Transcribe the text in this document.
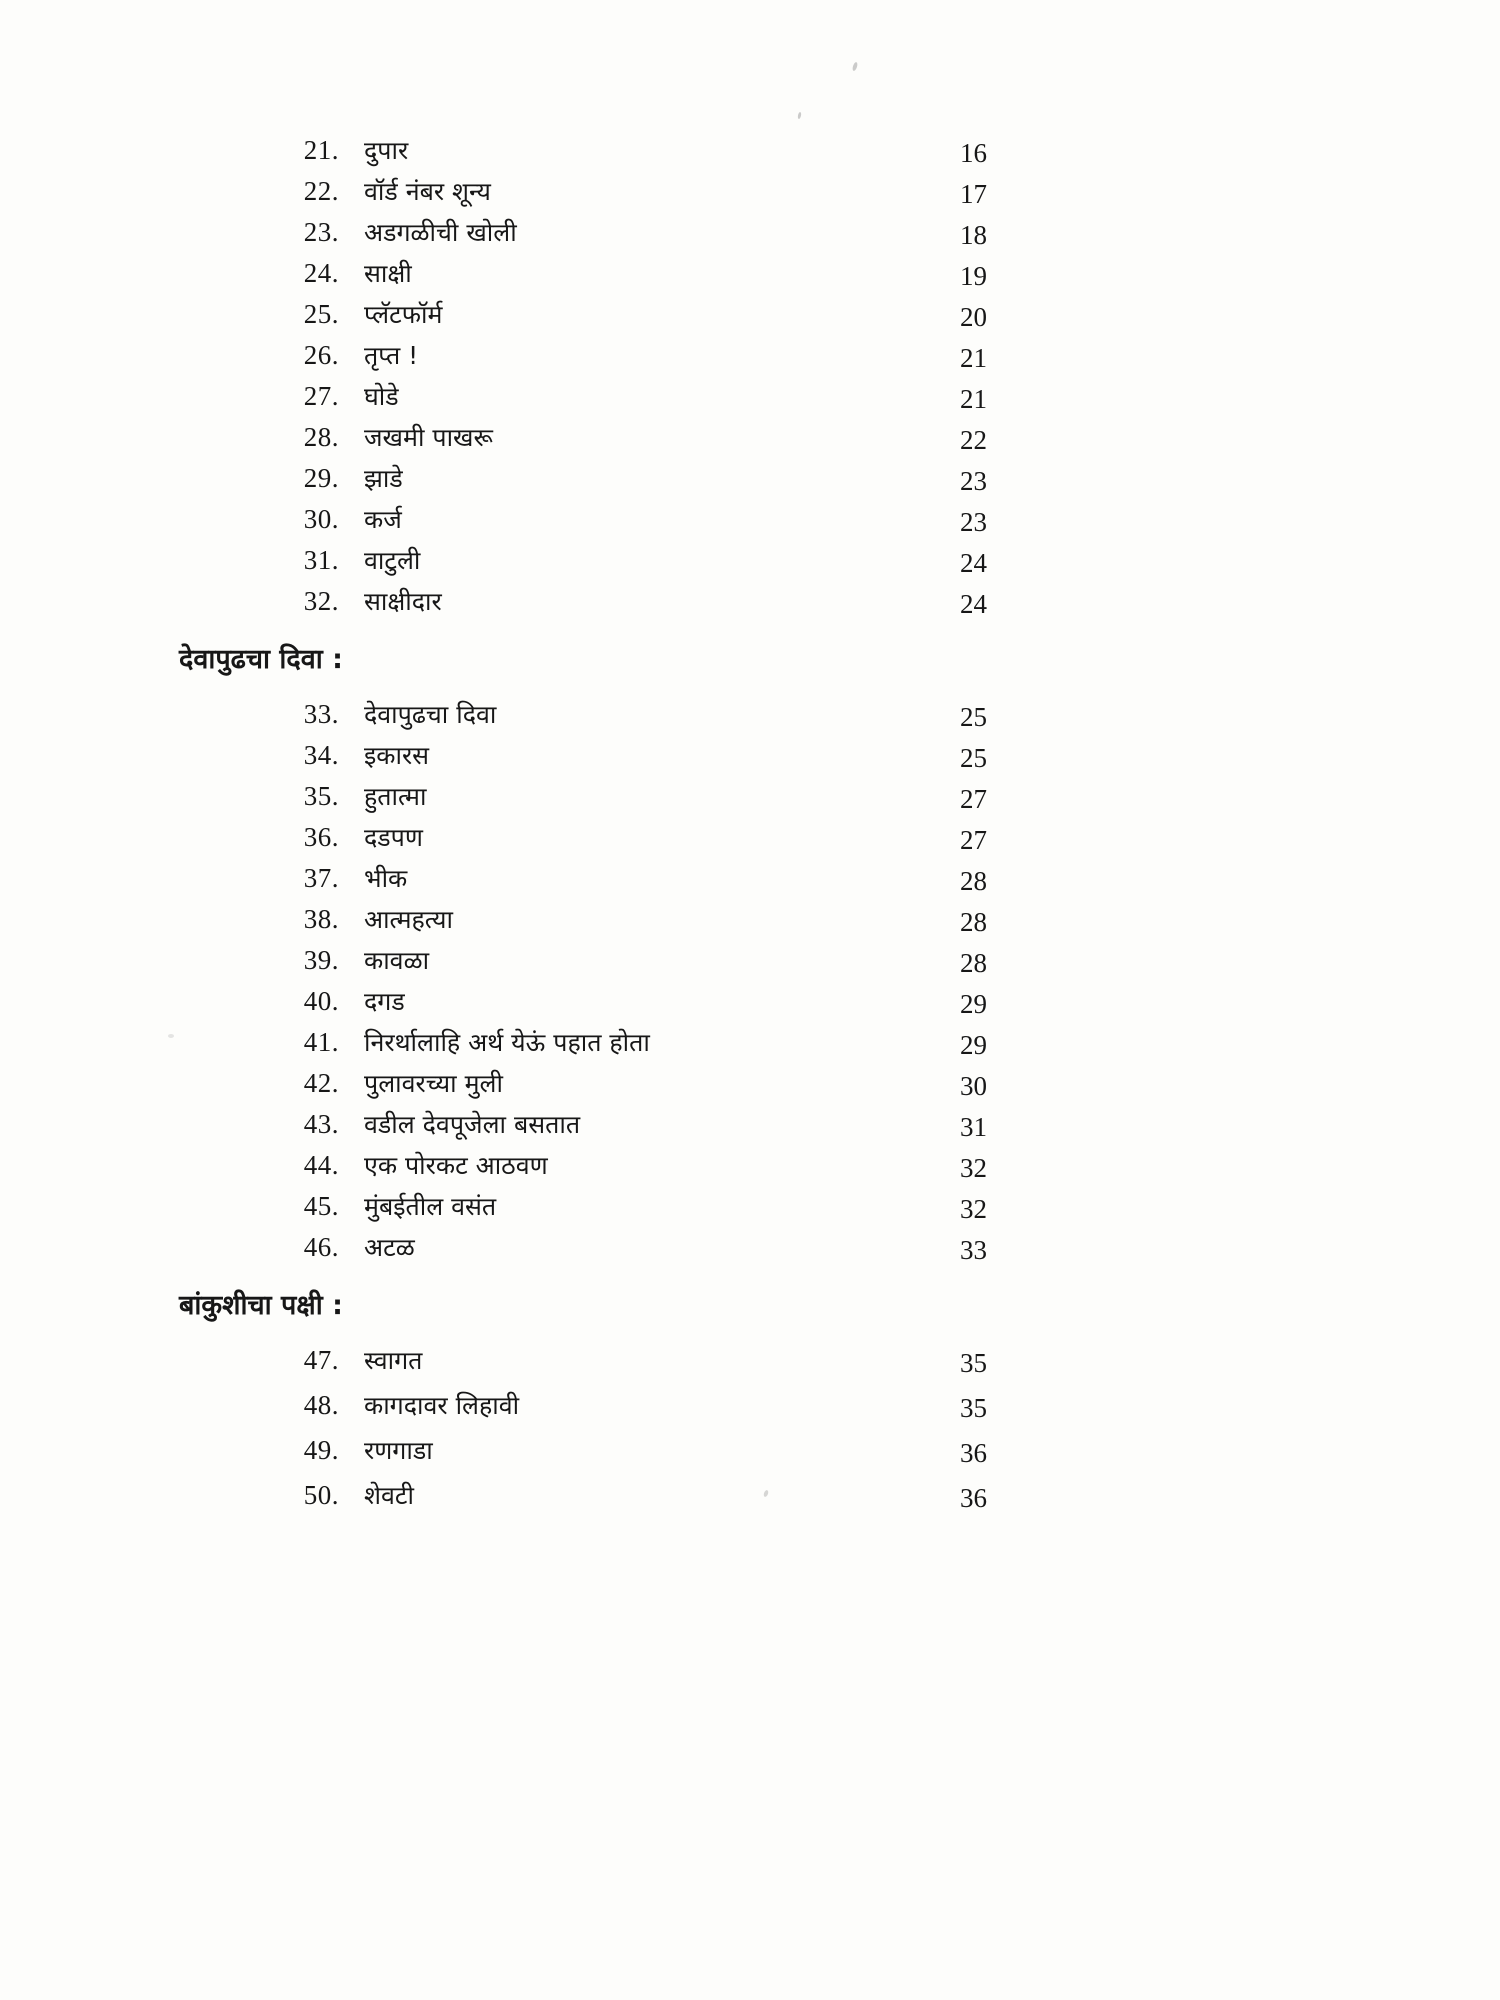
21. दुपार	16
22. वॉर्ड नंबर शून्य	17
23. अडगळीची खोली	18
24. साक्षी	19
25. प्लॅटफॉर्म	20
26. तृप्त !	21
27. घोडे	21
28. जखमी पाखरू	22
29. झाडे	23
30. कर्ज	23
31. वाटुली	24
32. साक्षीदार	24
देवापुढचा दिवा :
33. देवापुढचा दिवा	25
34. इकारस	25
35. हुतात्मा	27
36. दडपण	27
37. भीक	28
38. आत्महत्या	28
39. कावळा	28
40. दगड	29
41. निरर्थालाहि अर्थ येऊं पहात होता	29
42. पुलावरच्या मुली	30
43. वडील देवपूजेला बसतात	31
44. एक पोरकट आठवण	32
45. मुंबईतील वसंत	32
46. अटळ	33
बांकुशीचा पक्षी :
47. स्वागत	35
48. कागदावर लिहावी	35
49. रणगाडा	36
50. शेवटी	36
